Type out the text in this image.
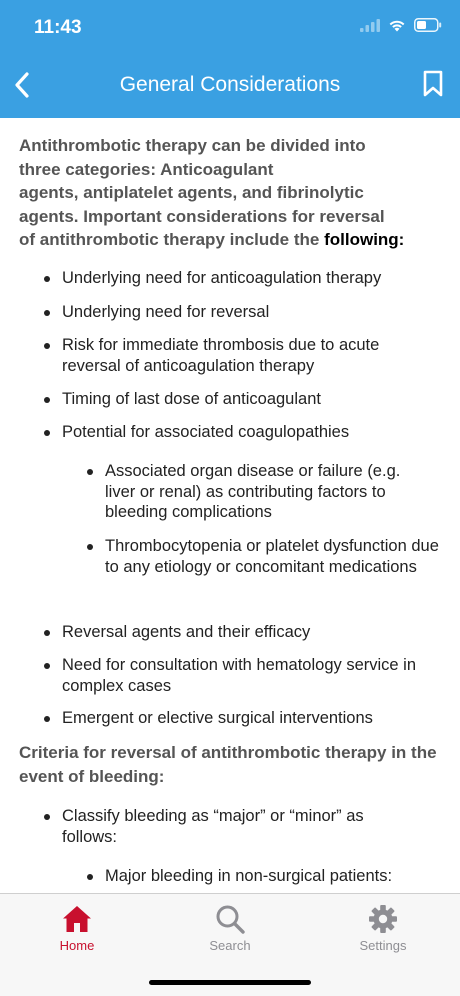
11:43
General Considerations
Antithrombotic therapy can be divided into
three categories: Anticoagulant
agents, antiplatelet agents, and fibrinolytic
agents. Important considerations for reversal
of antithrombotic therapy include the following:
Underlying need for anticoagulation therapy
Underlying need for reversal
Risk for immediate thrombosis due to acute reversal of anticoagulation therapy
Timing of last dose of anticoagulant
Potential for associated coagulopathies
Associated organ disease or failure (e.g. liver or renal) as contributing factors to bleeding complications
Thrombocytopenia or platelet dysfunction due to any etiology or concomitant medications
Reversal agents and their efficacy
Need for consultation with hematology service in complex cases
Emergent or elective surgical interventions
Criteria for reversal of antithrombotic therapy in the event of bleeding:
Classify bleeding as “major” or “minor” as follows:
Major bleeding in non-surgical patients:
Home	Search	Settings
